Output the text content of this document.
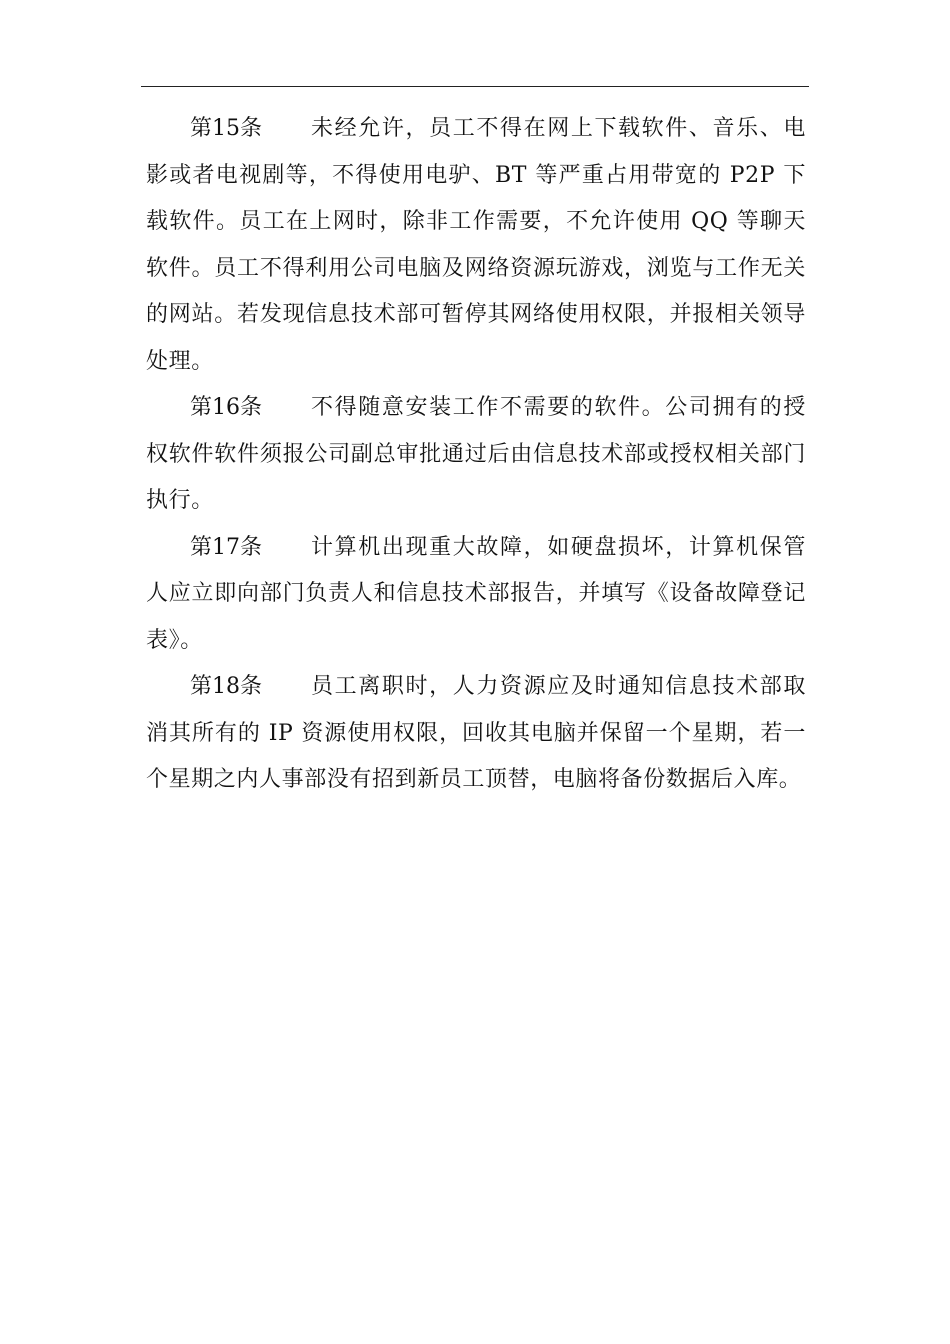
第15条 未经允许，员工不得在网上下载软件、音乐、电影或者电视剧等，不得使用电驴、BT 等严重占用带宽的 P2P 下载软件。员工在上网时，除非工作需要，不允许使用 QQ 等聊天软件。员工不得利用公司电脑及网络资源玩游戏，浏览与工作无关的网站。若发现信息技术部可暂停其网络使用权限，并报相关领导处理。

第16条 不得随意安装工作不需要的软件。公司拥有的授权软件软件须报公司副总审批通过后由信息技术部或授权相关部门执行。

第17条 计算机出现重大故障，如硬盘损坏，计算机保管人应立即向部门负责人和信息技术部报告，并填写《设备故障登记表》。

第18条 员工离职时，人力资源应及时通知信息技术部取消其所有的 IP 资源使用权限，回收其电脑并保留一个星期，若一个星期之内人事部没有招到新员工顶替，电脑将备份数据后入库。
